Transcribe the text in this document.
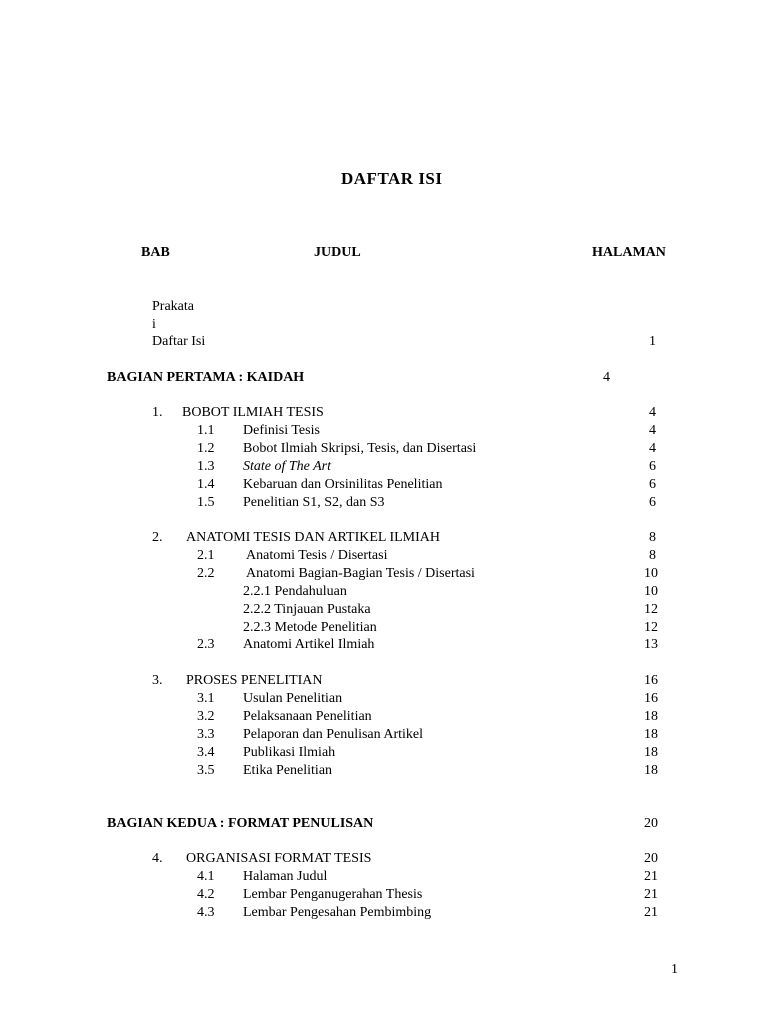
DAFTAR ISI
BAB	JUDUL	HALAMAN
Prakata
i
Daftar Isi	1
BAGIAN PERTAMA : KAIDAH	4
1. BOBOT ILMIAH TESIS	4
1.1 Definisi Tesis	4
1.2 Bobot Ilmiah Skripsi, Tesis, dan Disertasi	4
1.3 State of The Art	6
1.4 Kebaruan dan Orsinilitas Penelitian	6
1.5 Penelitian S1, S2, dan S3	6
2. ANATOMI TESIS DAN ARTIKEL ILMIAH	8
2.1 Anatomi Tesis / Disertasi	8
2.2 Anatomi Bagian-Bagian Tesis / Disertasi	10
2.2.1 Pendahuluan	10
2.2.2 Tinjauan Pustaka	12
2.2.3 Metode Penelitian	12
2.3 Anatomi Artikel Ilmiah	13
3. PROSES PENELITIAN	16
3.1 Usulan Penelitian	16
3.2 Pelaksanaan Penelitian	18
3.3 Pelaporan dan Penulisan Artikel	18
3.4 Publikasi Ilmiah	18
3.5 Etika Penelitian	18
BAGIAN KEDUA : FORMAT PENULISAN	20
4. ORGANISASI FORMAT TESIS	20
4.1 Halaman Judul	21
4.2 Lembar Penganugerahan Thesis	21
4.3 Lembar Pengesahan Pembimbing	21
1
